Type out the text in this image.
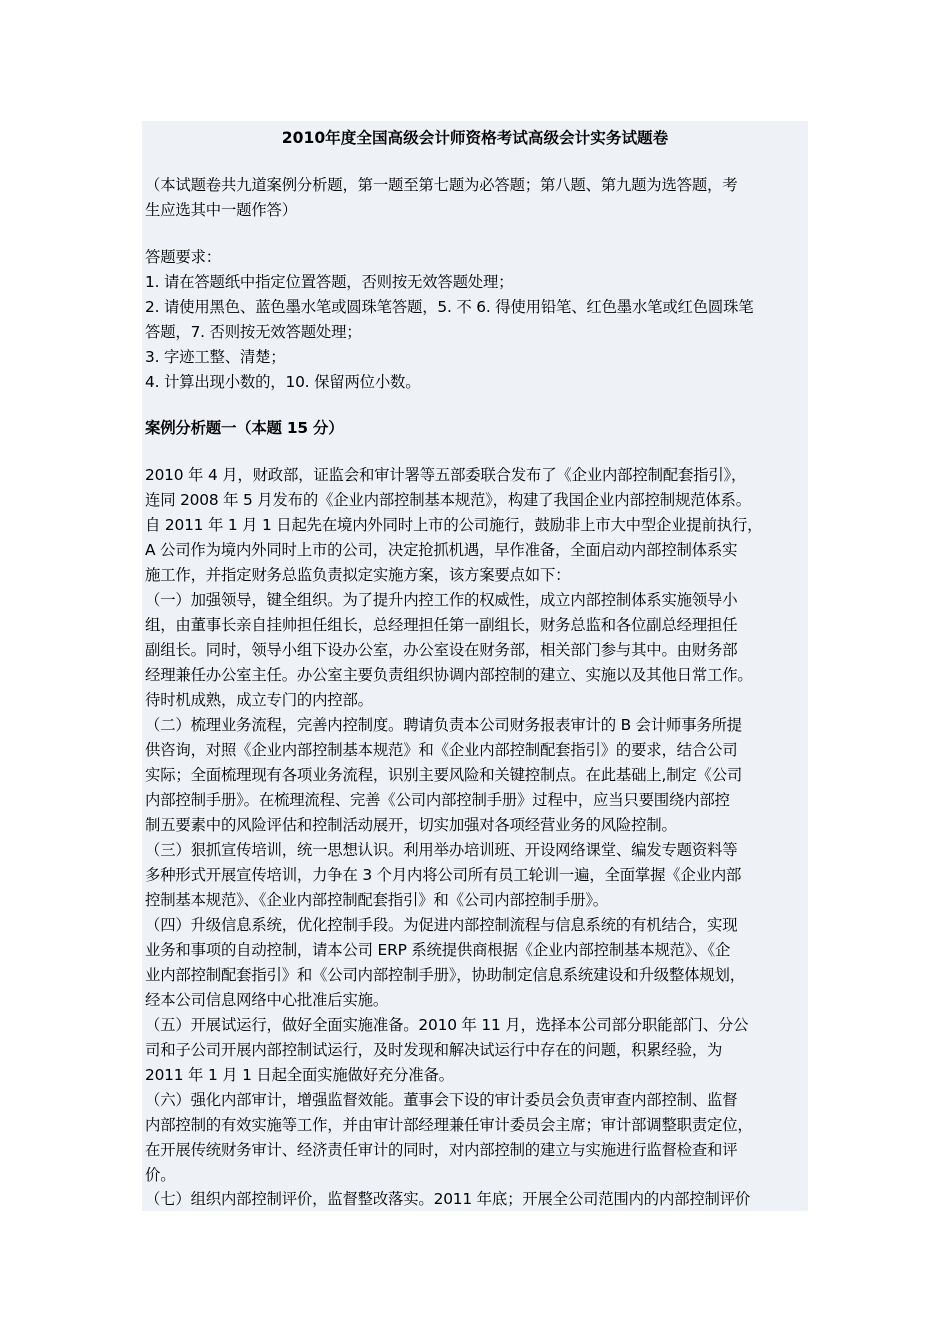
2010年度全国高级会计师资格考试高级会计实务试题卷

（本试题卷共九道案例分析题，第一题至第七题为必答题；第八题、第九题为选答题，考

生应选其中一题作答）

答题要求：

1. 请在答题纸中指定位置答题，否则按无效答题处理；

2. 请使用黑色、蓝色墨水笔或圆珠笔答题，5. 不 6. 得使用铅笔、红色墨水笔或红色圆珠笔

答题，7. 否则按无效答题处理；

3. 字迹工整、清楚；

4. 计算出现小数的，10. 保留两位小数。

案例分析题一（本题 15 分）

2010 年 4 月，财政部，证监会和审计署等五部委联合发布了《企业内部控制配套指引》，

连同 2008 年 5 月发布的《企业内部控制基本规范》，构建了我国企业内部控制规范体系。

自 2011 年 1 月 1 日起先在境内外同时上市的公司施行，鼓励非上市大中型企业提前执行，

A 公司作为境内外同时上市的公司，决定抢抓机遇，早作准备，全面启动内部控制体系实

施工作，并指定财务总监负责拟定实施方案，该方案要点如下：

（一）加强领导，键全组织。为了提升内控工作的权威性，成立内部控制体系实施领导小

组，由董事长亲自挂帅担任组长，总经理担任第一副组长，财务总监和各位副总经理担任

副组长。同时，领导小组下设办公室，办公室设在财务部，相关部门参与其中。由财务部

经理兼任办公室主任。办公室主要负责组织协调内部控制的建立、实施以及其他日常工作。

待时机成熟，成立专门的内控部。

（二）梳理业务流程，完善内控制度。聘请负责本公司财务报表审计的 B 会计师事务所提

供咨询，对照《企业内部控制基本规范》和《企业内部控制配套指引》的要求，结合公司

实际；全面梳理现有各项业务流程，识别主要风险和关键控制点。在此基础上,制定《公司

内部控制手册》。在梳理流程、完善《公司内部控制手册》过程中，应当只要围绕内部控

制五要素中的风险评估和控制活动展开，切实加强对各项经营业务的风险控制。

（三）狠抓宣传培训，统一思想认识。利用举办培训班、开设网络课堂、编发专题资料等

多种形式开展宣传培训，力争在 3 个月内将公司所有员工轮训一遍，全面掌握《企业内部

控制基本规范》、《企业内部控制配套指引》和《公司内部控制手册》。

（四）升级信息系统，优化控制手段。为促进内部控制流程与信息系统的有机结合，实现

业务和事项的自动控制，请本公司 ERP 系统提供商根据《企业内部控制基本规范》、《企

业内部控制配套指引》和《公司内部控制手册》，协助制定信息系统建设和升级整体规划，

经本公司信息网络中心批准后实施。

（五）开展试运行，做好全面实施准备。2010 年 11 月，选择本公司部分职能部门、分公

司和子公司开展内部控制试运行，及时发现和解决试运行中存在的问题，积累经验，为

2011 年 1 月 1 日起全面实施做好充分准备。

（六）强化内部审计，增强监督效能。董事会下设的审计委员会负责审查内部控制、监督

内部控制的有效实施等工作，并由审计部经理兼任审计委员会主席；审计部调整职责定位，

在开展传统财务审计、经济责任审计的同时，对内部控制的建立与实施进行监督检查和评

价。

（七）组织内部控制评价，监督整改落实。2011 年底；开展全公司范围内的内部控制评价
